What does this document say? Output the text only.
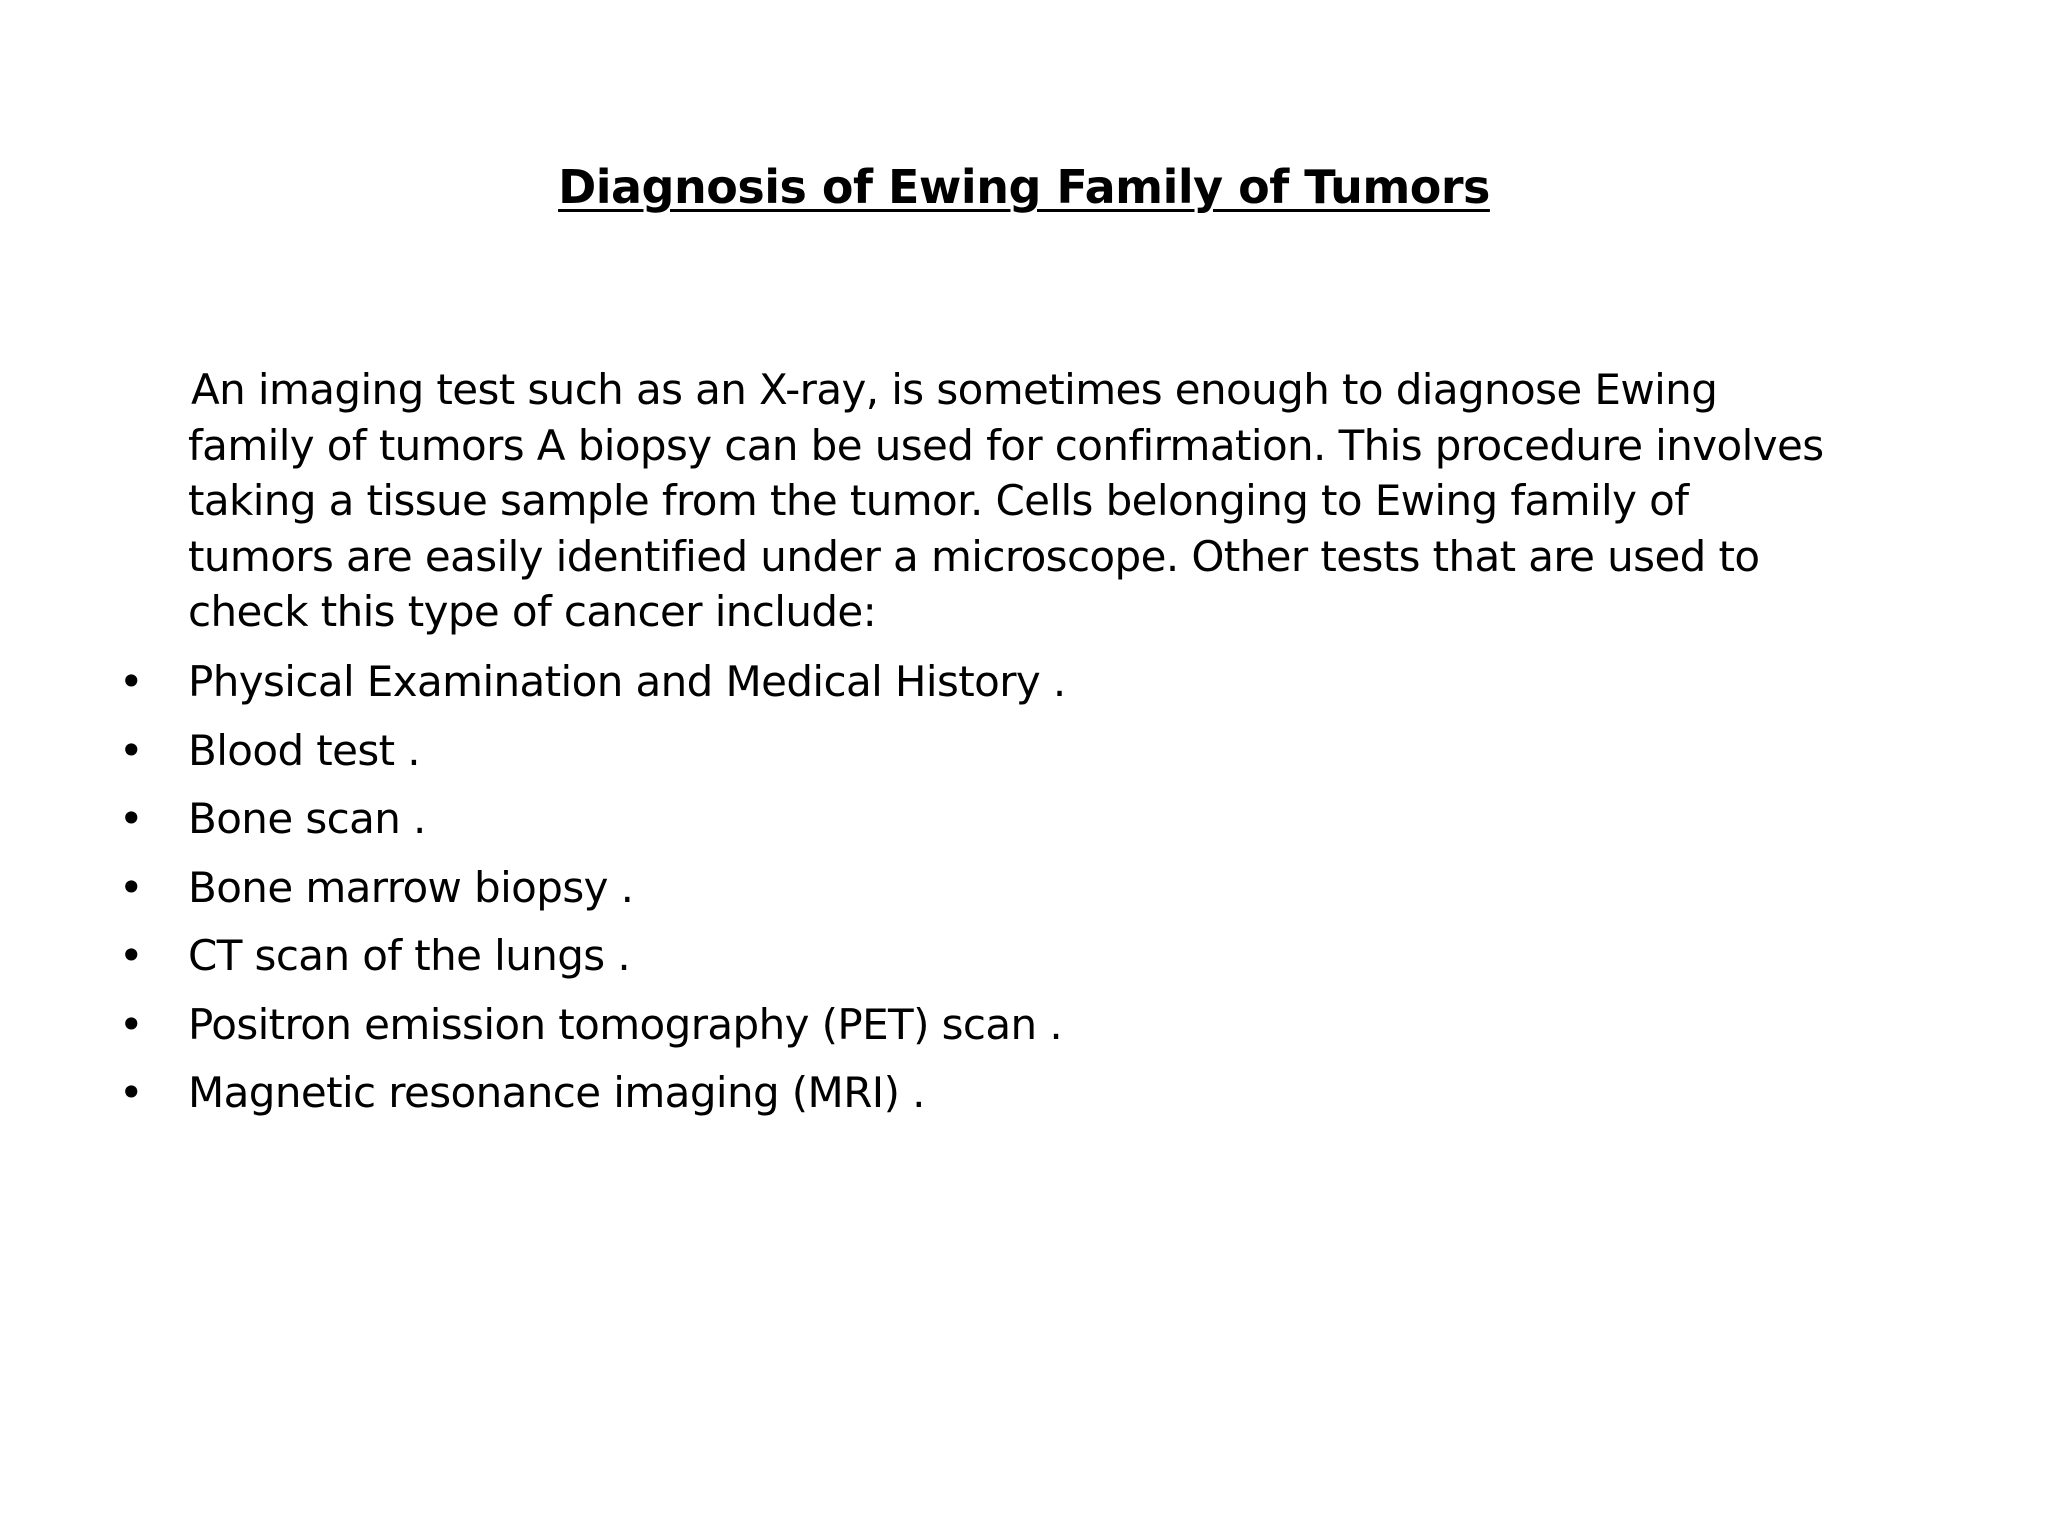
Diagnosis of Ewing Family of Tumors

An imaging test such as an X-ray, is sometimes enough to diagnose Ewing
family of tumors A biopsy can be used for confirmation. This procedure involves
taking a tissue sample from the tumor. Cells belonging to Ewing family of
tumors are easily identified under a microscope. Other tests that are used to
check this type of cancer include:

• Physical Examination and Medical History .
• Blood test .
• Bone scan .
• Bone marrow biopsy .
• CT scan of the lungs .
• Positron emission tomography (PET) scan .
• Magnetic resonance imaging (MRI) .
